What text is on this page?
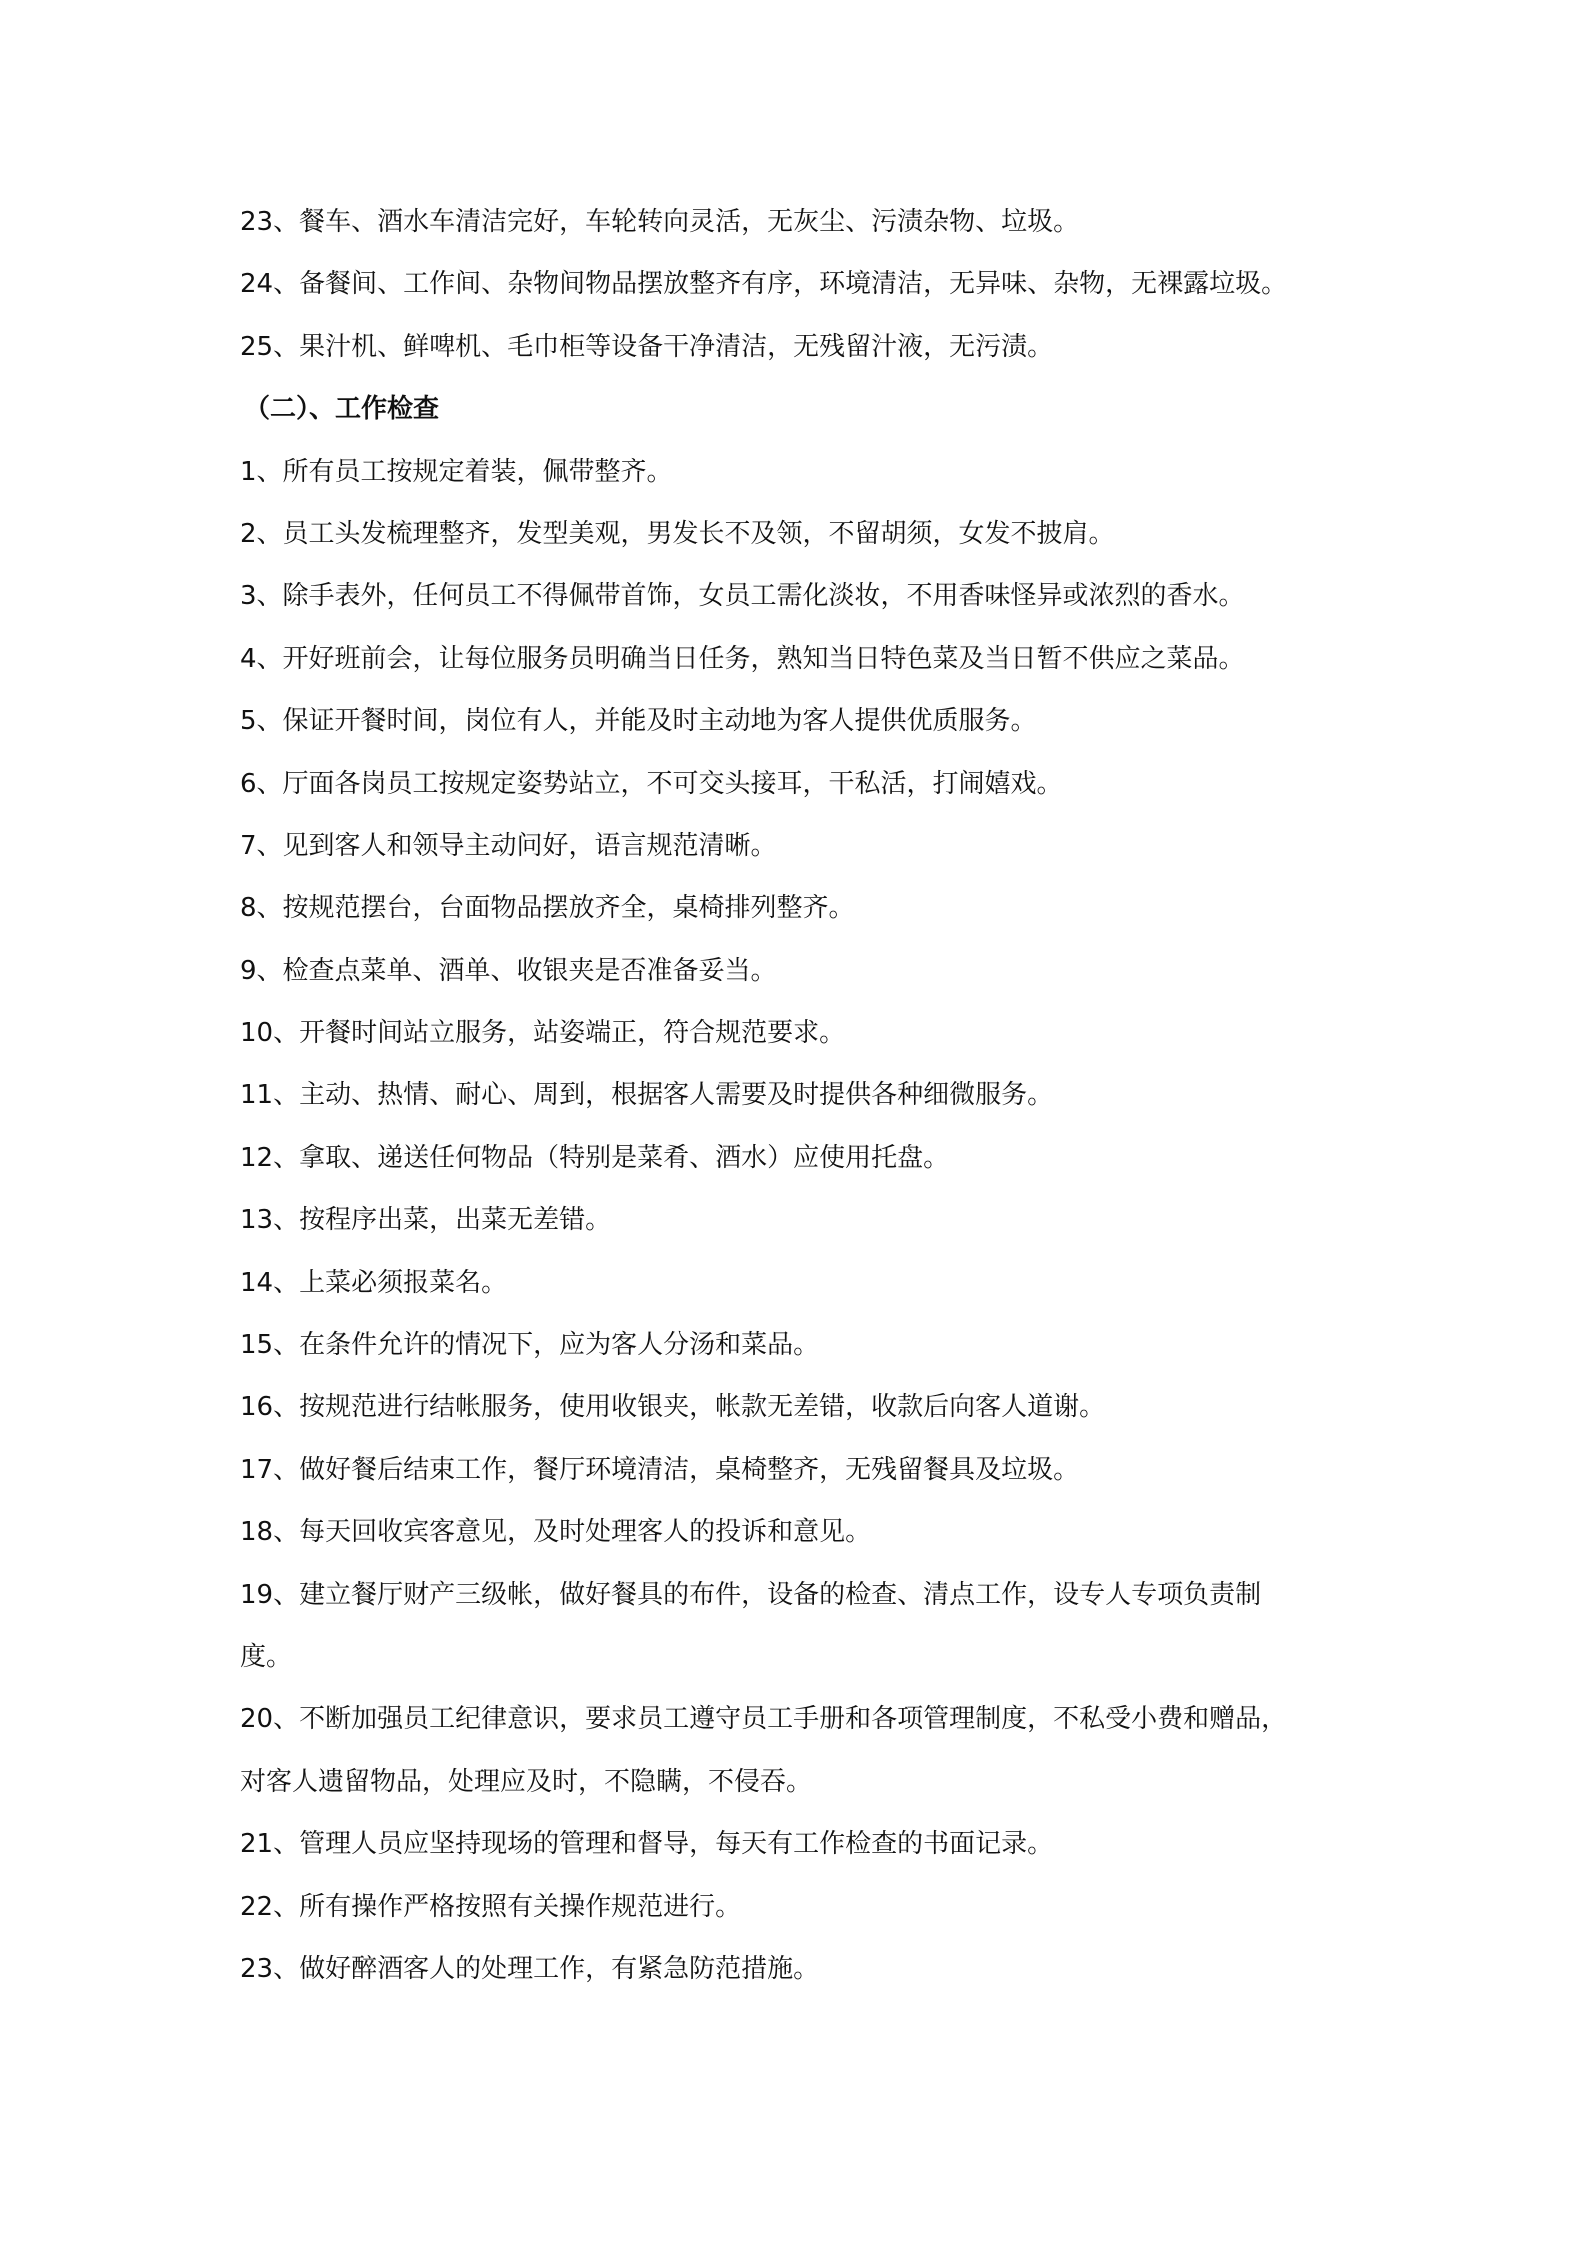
23、餐车、酒水车清洁完好，车轮转向灵活，无灰尘、污渍杂物、垃圾。
24、备餐间、工作间、杂物间物品摆放整齐有序，环境清洁，无异味、杂物，无裸露垃圾。
25、果汁机、鲜啤机、毛巾柜等设备干净清洁，无残留汁液，无污渍。
（二）、工作检查
1、所有员工按规定着装，佩带整齐。
2、员工头发梳理整齐，发型美观，男发长不及领，不留胡须，女发不披肩。
3、除手表外，任何员工不得佩带首饰，女员工需化淡妆，不用香味怪异或浓烈的香水。
4、开好班前会，让每位服务员明确当日任务，熟知当日特色菜及当日暂不供应之菜品。
5、保证开餐时间，岗位有人，并能及时主动地为客人提供优质服务。
6、厅面各岗员工按规定姿势站立，不可交头接耳，干私活，打闹嬉戏。
7、见到客人和领导主动问好，语言规范清晰。
8、按规范摆台，台面物品摆放齐全，桌椅排列整齐。
9、检查点菜单、酒单、收银夹是否准备妥当。
10、开餐时间站立服务，站姿端正，符合规范要求。
11、主动、热情、耐心、周到，根据客人需要及时提供各种细微服务。
12、拿取、递送任何物品（特别是菜肴、酒水）应使用托盘。
13、按程序出菜，出菜无差错。
14、上菜必须报菜名。
15、在条件允许的情况下，应为客人分汤和菜品。
16、按规范进行结帐服务，使用收银夹，帐款无差错，收款后向客人道谢。
17、做好餐后结束工作，餐厅环境清洁，桌椅整齐，无残留餐具及垃圾。
18、每天回收宾客意见，及时处理客人的投诉和意见。
19、建立餐厅财产三级帐，做好餐具的布件，设备的检查、清点工作，设专人专项负责制
度。
20、不断加强员工纪律意识，要求员工遵守员工手册和各项管理制度，不私受小费和赠品，
对客人遗留物品，处理应及时，不隐瞒，不侵吞。
21、管理人员应坚持现场的管理和督导，每天有工作检查的书面记录。
22、所有操作严格按照有关操作规范进行。
23、做好醉酒客人的处理工作，有紧急防范措施。
